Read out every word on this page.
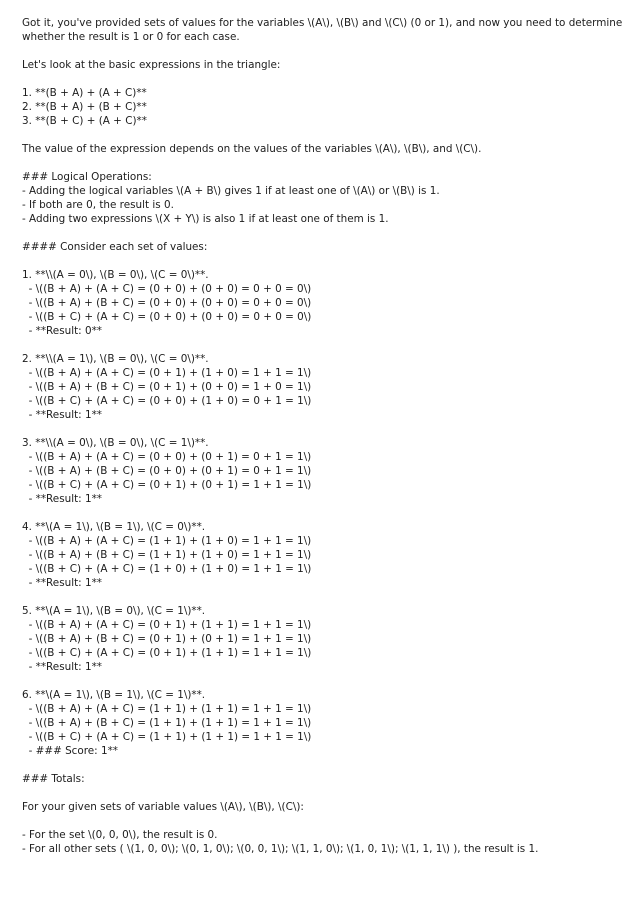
Got it, you've provided sets of values for the variables \(A\), \(B\) and \(C\) (0 or 1), and now you need to determine
whether the result is 1 or 0 for each case.
Let's look at the basic expressions in the triangle:
1. **(B + A) + (A + C)**
2. **(B + A) + (B + C)**
3. **(B + C) + (A + C)**
The value of the expression depends on the values of the variables \(A\), \(B\), and \(C\).
### Logical Operations:
- Adding the logical variables \(A + B\) gives 1 if at least one of \(A\) or \(B\) is 1.
- If both are 0, the result is 0.
- Adding two expressions \(X + Y\) is also 1 if at least one of them is 1.
#### Consider each set of values:
1. **\\(A = 0\), \(B = 0\), \(C = 0\)**.
- \((B + A) + (A + C) = (0 + 0) + (0 + 0) = 0 + 0 = 0\)
- \((B + A) + (B + C) = (0 + 0) + (0 + 0) = 0 + 0 = 0\)
- \((B + C) + (A + C) = (0 + 0) + (0 + 0) = 0 + 0 = 0\)
- **Result: 0**
2. **\\(A = 1\), \(B = 0\), \(C = 0\)**.
- \((B + A) + (A + C) = (0 + 1) + (1 + 0) = 1 + 1 = 1\)
- \((B + A) + (B + C) = (0 + 1) + (0 + 0) = 1 + 0 = 1\)
- \((B + C) + (A + C) = (0 + 0) + (1 + 0) = 0 + 1 = 1\)
- **Result: 1**
3. **\\(A = 0\), \(B = 0\), \(C = 1\)**.
- \((B + A) + (A + C) = (0 + 0) + (0 + 1) = 0 + 1 = 1\)
- \((B + A) + (B + C) = (0 + 0) + (0 + 1) = 0 + 1 = 1\)
- \((B + C) + (A + C) = (0 + 1) + (0 + 1) = 1 + 1 = 1\)
- **Result: 1**
4. **\(A = 1\), \(B = 1\), \(C = 0\)**.
- \((B + A) + (A + C) = (1 + 1) + (1 + 0) = 1 + 1 = 1\)
- \((B + A) + (B + C) = (1 + 1) + (1 + 0) = 1 + 1 = 1\)
- \((B + C) + (A + C) = (1 + 0) + (1 + 0) = 1 + 1 = 1\)
- **Result: 1**
5. **\(A = 1\), \(B = 0\), \(C = 1\)**.
- \((B + A) + (A + C) = (0 + 1) + (1 + 1) = 1 + 1 = 1\)
- \((B + A) + (B + C) = (0 + 1) + (0 + 1) = 1 + 1 = 1\)
- \((B + C) + (A + C) = (0 + 1) + (1 + 1) = 1 + 1 = 1\)
- **Result: 1**
6. **\(A = 1\), \(B = 1\), \(C = 1\)**.
- \((B + A) + (A + C) = (1 + 1) + (1 + 1) = 1 + 1 = 1\)
- \((B + A) + (B + C) = (1 + 1) + (1 + 1) = 1 + 1 = 1\)
- \((B + C) + (A + C) = (1 + 1) + (1 + 1) = 1 + 1 = 1\)
- ### Score: 1**
### Totals:
For your given sets of variable values \(A\), \(B\), \(C\):
- For the set \(0, 0, 0\), the result is 0.
- For all other sets ( \(1, 0, 0\); \(0, 1, 0\); \(0, 0, 1\); \(1, 1, 0\); \(1, 0, 1\); \(1, 1, 1\) ), the result is 1.
